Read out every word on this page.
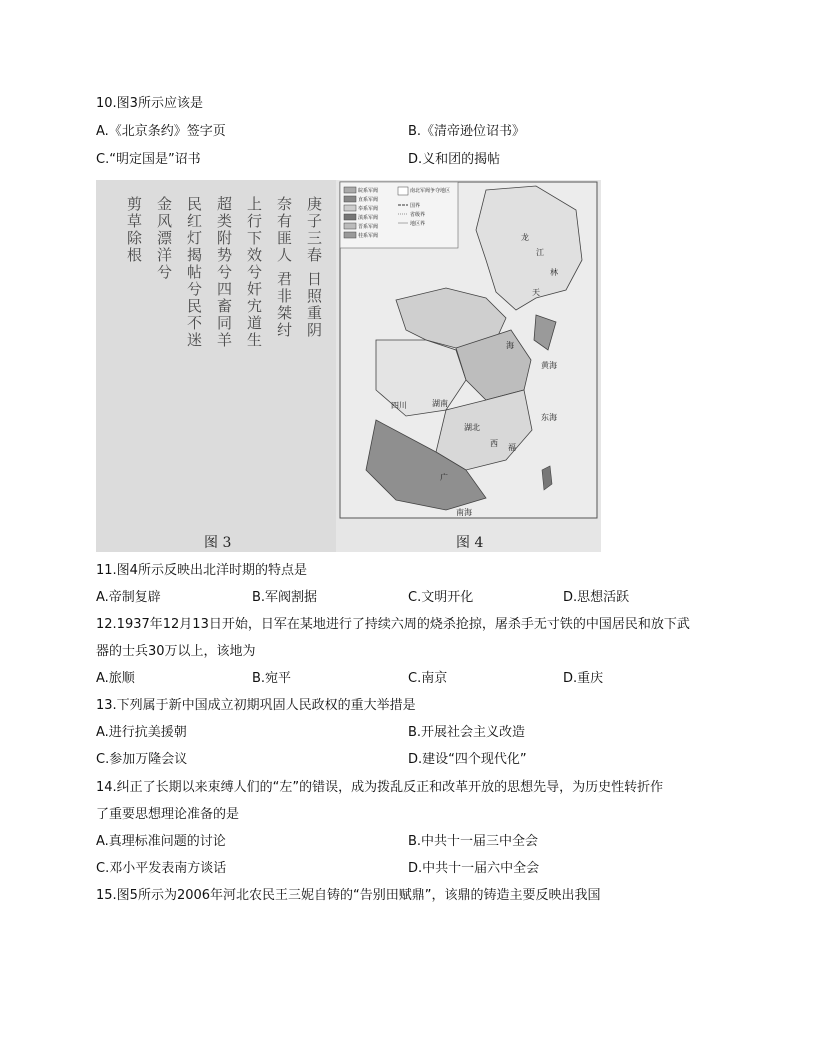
10.图3所示应该是
A.《北京条约》签字页	B.《清帝逊位诏书》
C.“明定国是”诏书	D.义和团的揭帖
庚子三春 日照重阴
奈有匪人 君非桀纣
上行下效兮奸宄道生
超类附势兮四畜同羊
民红灯揭帖兮民不迷
金风漂洋兮
剪草除根
图 3
皖系军阀
直系军阀
奉系军阀
滇系军阀
晋系军阀
桂系军阀
南北军阀争夺地区
国界
省级界
地区界
龙
江
林
天
海
黄海
东海
南海
四川	湖南
湖北
西 福
广
图 4
11.图4所示反映出北洋时期的特点是
A.帝制复辟	B.军阀割据	C.文明开化	D.思想活跃
12.1937年12月13日开始，日军在某地进行了持续六周的烧杀抢掠，屠杀手无寸铁的中国居民和放下武
器的士兵30万以上，该地为
A.旅顺	B.宛平	C.南京	D.重庆
13.下列属于新中国成立初期巩固人民政权的重大举措是
A.进行抗美援朝	B.开展社会主义改造
C.参加万隆会议	D.建设“四个现代化”
14.纠正了长期以来束缚人们的“左”的错误，成为拨乱反正和改革开放的思想先导，为历史性转折作
了重要思想理论准备的是
A.真理标准问题的讨论	B.中共十一届三中全会
C.邓小平发表南方谈话	D.中共十一届六中全会
15.图5所示为2006年河北农民王三妮自铸的“告别田赋鼎”，该鼎的铸造主要反映出我国
